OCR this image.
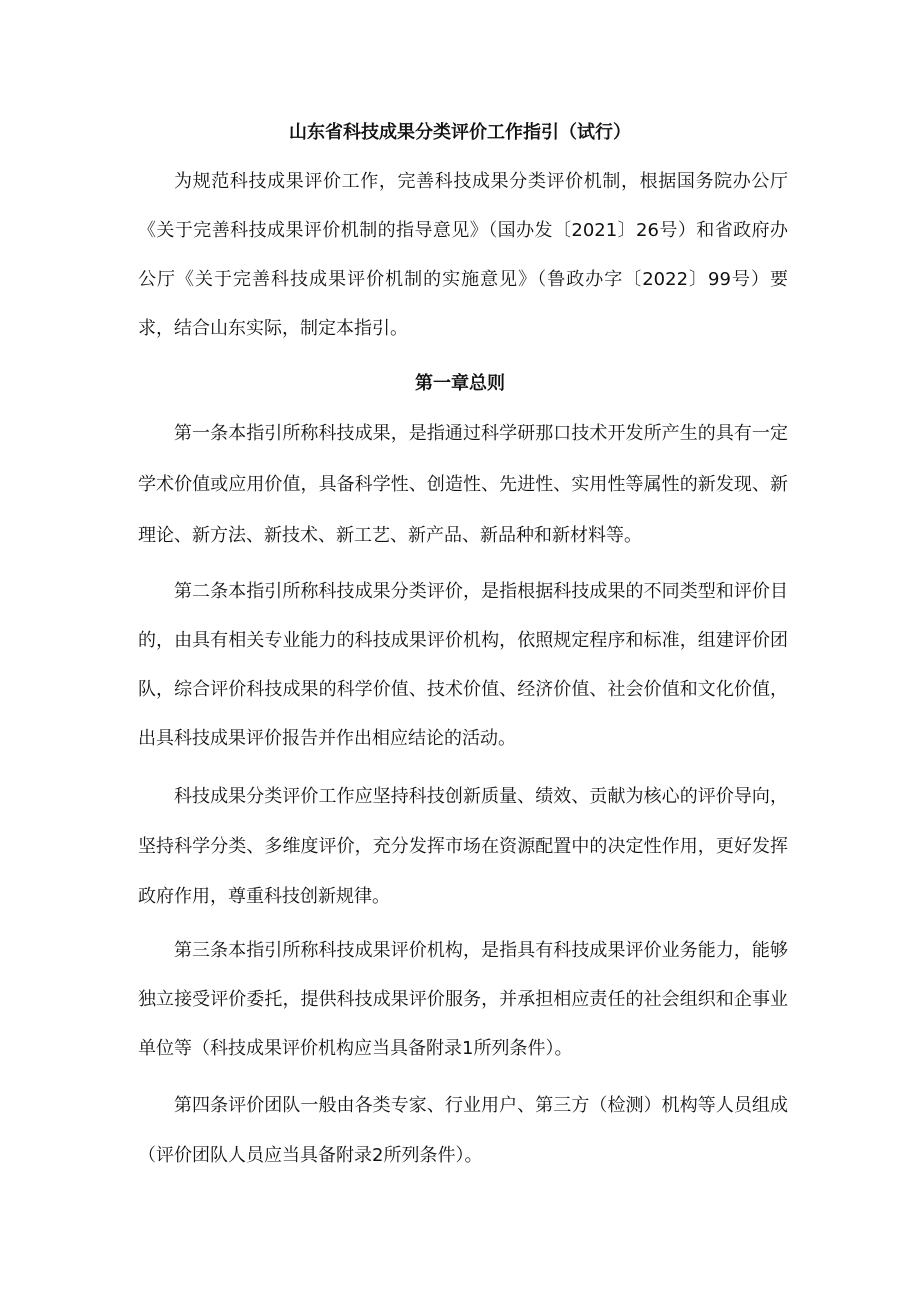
山东省科技成果分类评价工作指引（试行）

为规范科技成果评价工作，完善科技成果分类评价机制，根据国务院办公厅《关于完善科技成果评价机制的指导意见》（国办发〔2021〕26号）和省政府办公厅《关于完善科技成果评价机制的实施意见》（鲁政办字〔2022〕99号）要求，结合山东实际，制定本指引。

第一章总则

第一条本指引所称科技成果，是指通过科学研那口技术开发所产生的具有一定学术价值或应用价值，具备科学性、创造性、先进性、实用性等属性的新发现、新理论、新方法、新技术、新工艺、新产品、新品种和新材料等。

第二条本指引所称科技成果分类评价，是指根据科技成果的不同类型和评价目的，由具有相关专业能力的科技成果评价机构，依照规定程序和标准，组建评价团队，综合评价科技成果的科学价值、技术价值、经济价值、社会价值和文化价值，出具科技成果评价报告并作出相应结论的活动。

科技成果分类评价工作应坚持科技创新质量、绩效、贡献为核心的评价导向，坚持科学分类、多维度评价，充分发挥市场在资源配置中的决定性作用，更好发挥政府作用，尊重科技创新规律。

第三条本指引所称科技成果评价机构，是指具有科技成果评价业务能力，能够独立接受评价委托，提供科技成果评价服务，并承担相应责任的社会组织和企事业单位等（科技成果评价机构应当具备附录1所列条件）。

第四条评价团队一般由各类专家、行业用户、第三方（检测）机构等人员组成（评价团队人员应当具备附录2所列条件）。
